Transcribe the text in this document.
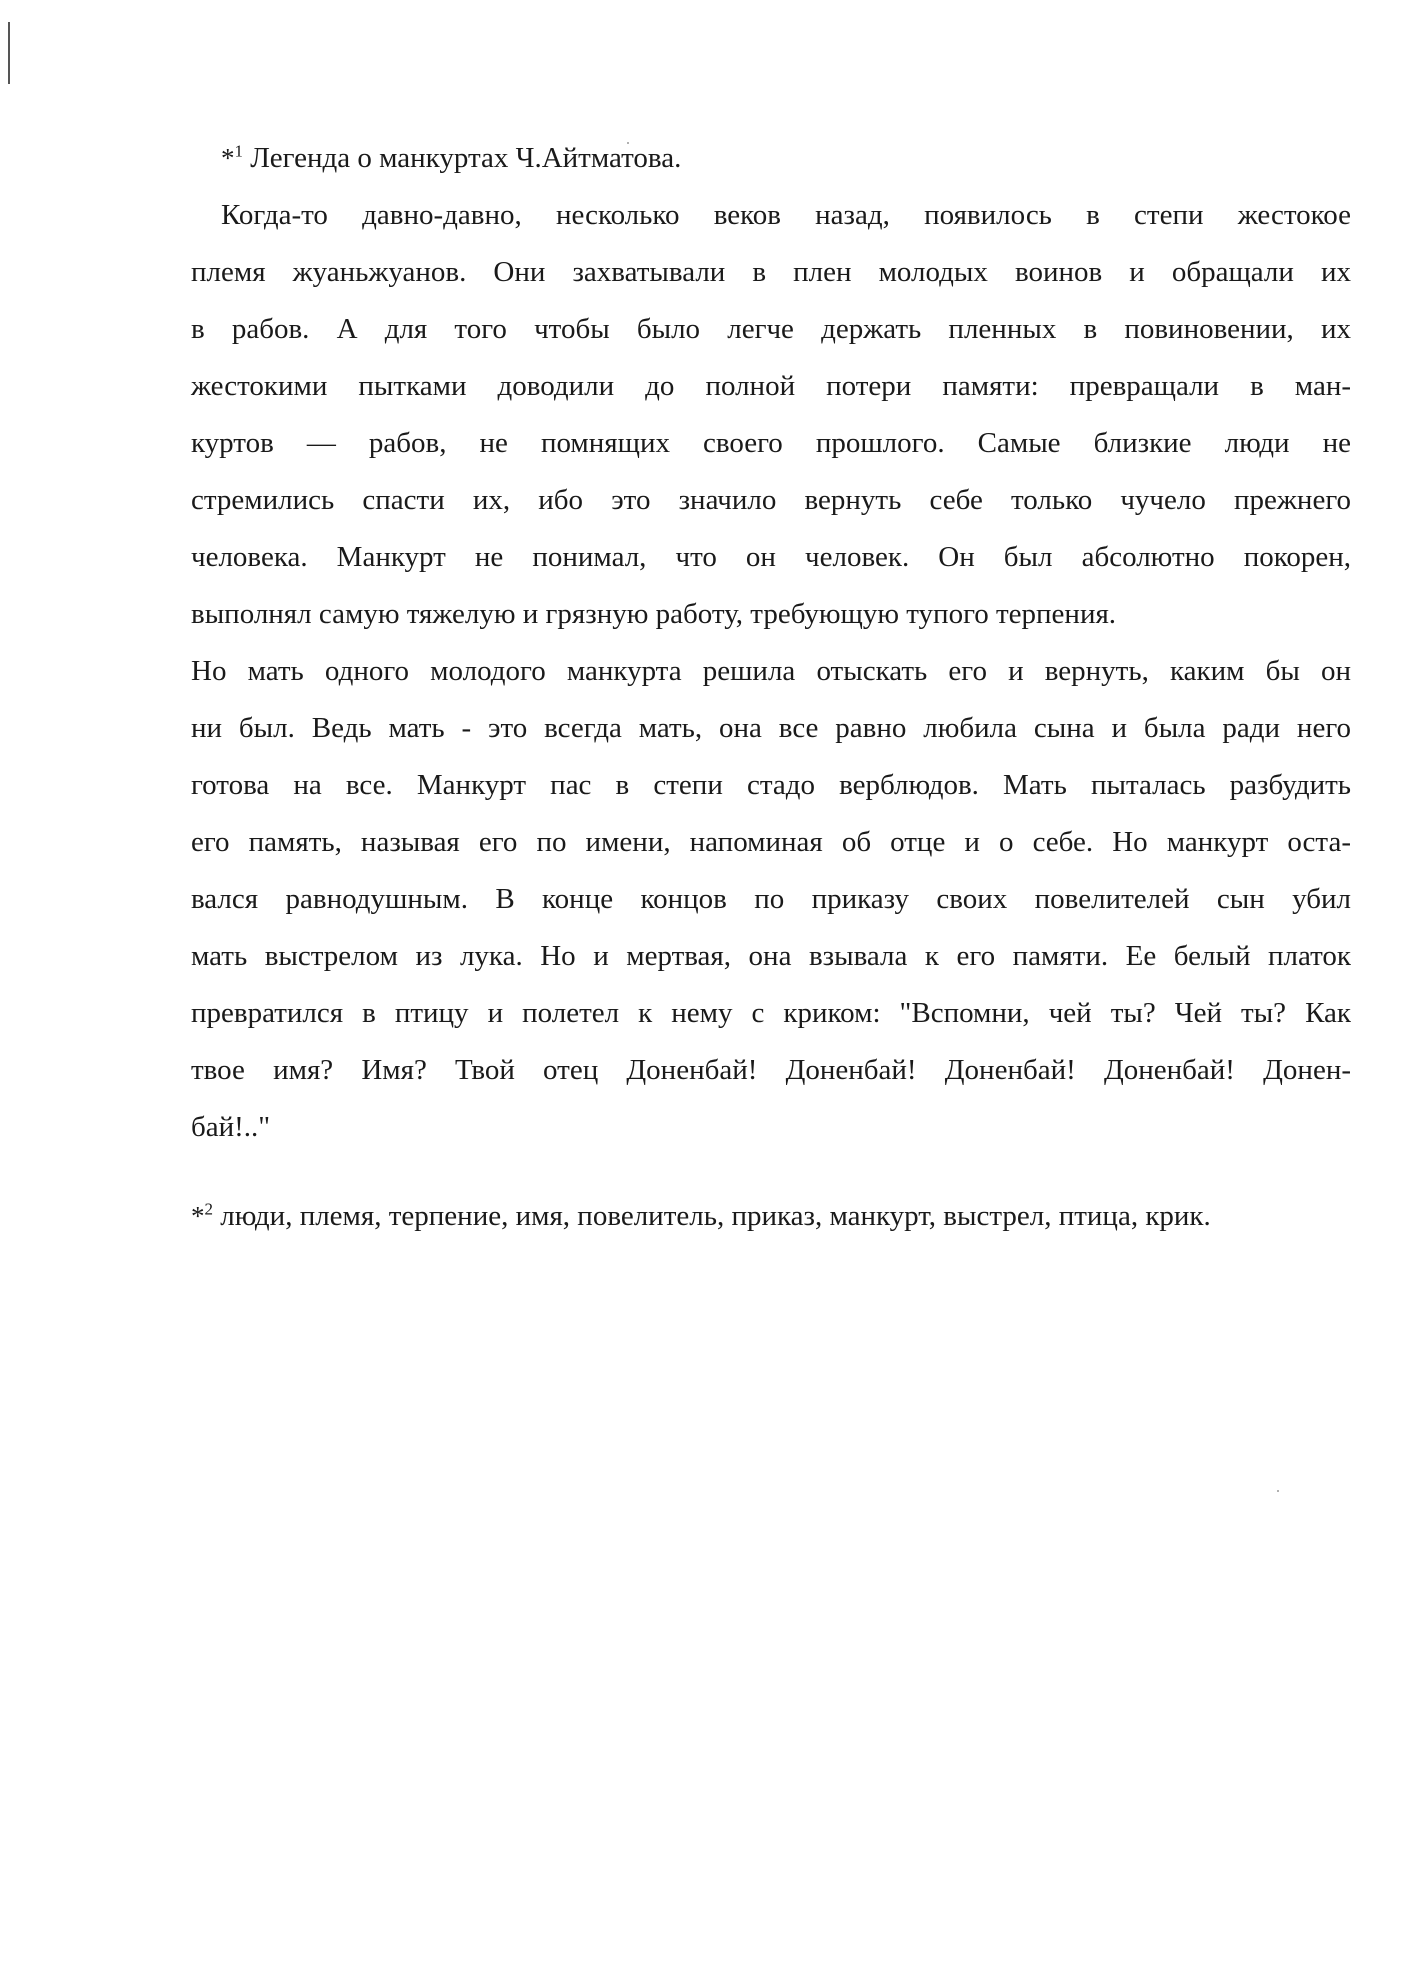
*$^1$ Легенда о манкуртах Ч.Айтматова.
Когда-то давно-давно, несколько веков назад, появилось в степи жестокое
племя жуаньжуанов. Они захватывали в плен молодых воинов и обращали их
в рабов. А для того чтобы было легче держать пленных в повиновении, их
жестокими пытками доводили до полной потери памяти: превращали в ман-
куртов — рабов, не помнящих своего прошлого. Самые близкие люди не
стремились спасти их, ибо это значило вернуть себе только чучело прежнего
человека. Манкурт не понимал, что он человек. Он был абсолютно покорен,
выполнял самую тяжелую и грязную работу, требующую тупого терпения.
Но мать одного молодого манкурта решила отыскать его и вернуть, каким бы он
ни был. Ведь мать - это всегда мать, она все равно любила сына и была ради него
готова на все. Манкурт пас в степи стадо верблюдов. Мать пыталась разбудить
его память, называя его по имени, напоминая об отце и о себе. Но манкурт оста-
вался равнодушным. В конце концов по приказу своих повелителей сын убил
мать выстрелом из лука. Но и мертвая, она взывала к его памяти. Ее белый платок
превратился в птицу и полетел к нему с криком: "Вспомни, чей ты? Чей ты? Как
твое имя? Имя? Твой отец Доненбай! Доненбай! Доненбай! Доненбай! Донен-
бай!.."
*$^2$ люди, племя, терпение, имя, повелитель, приказ, манкурт, выстрел, птица, крик.
